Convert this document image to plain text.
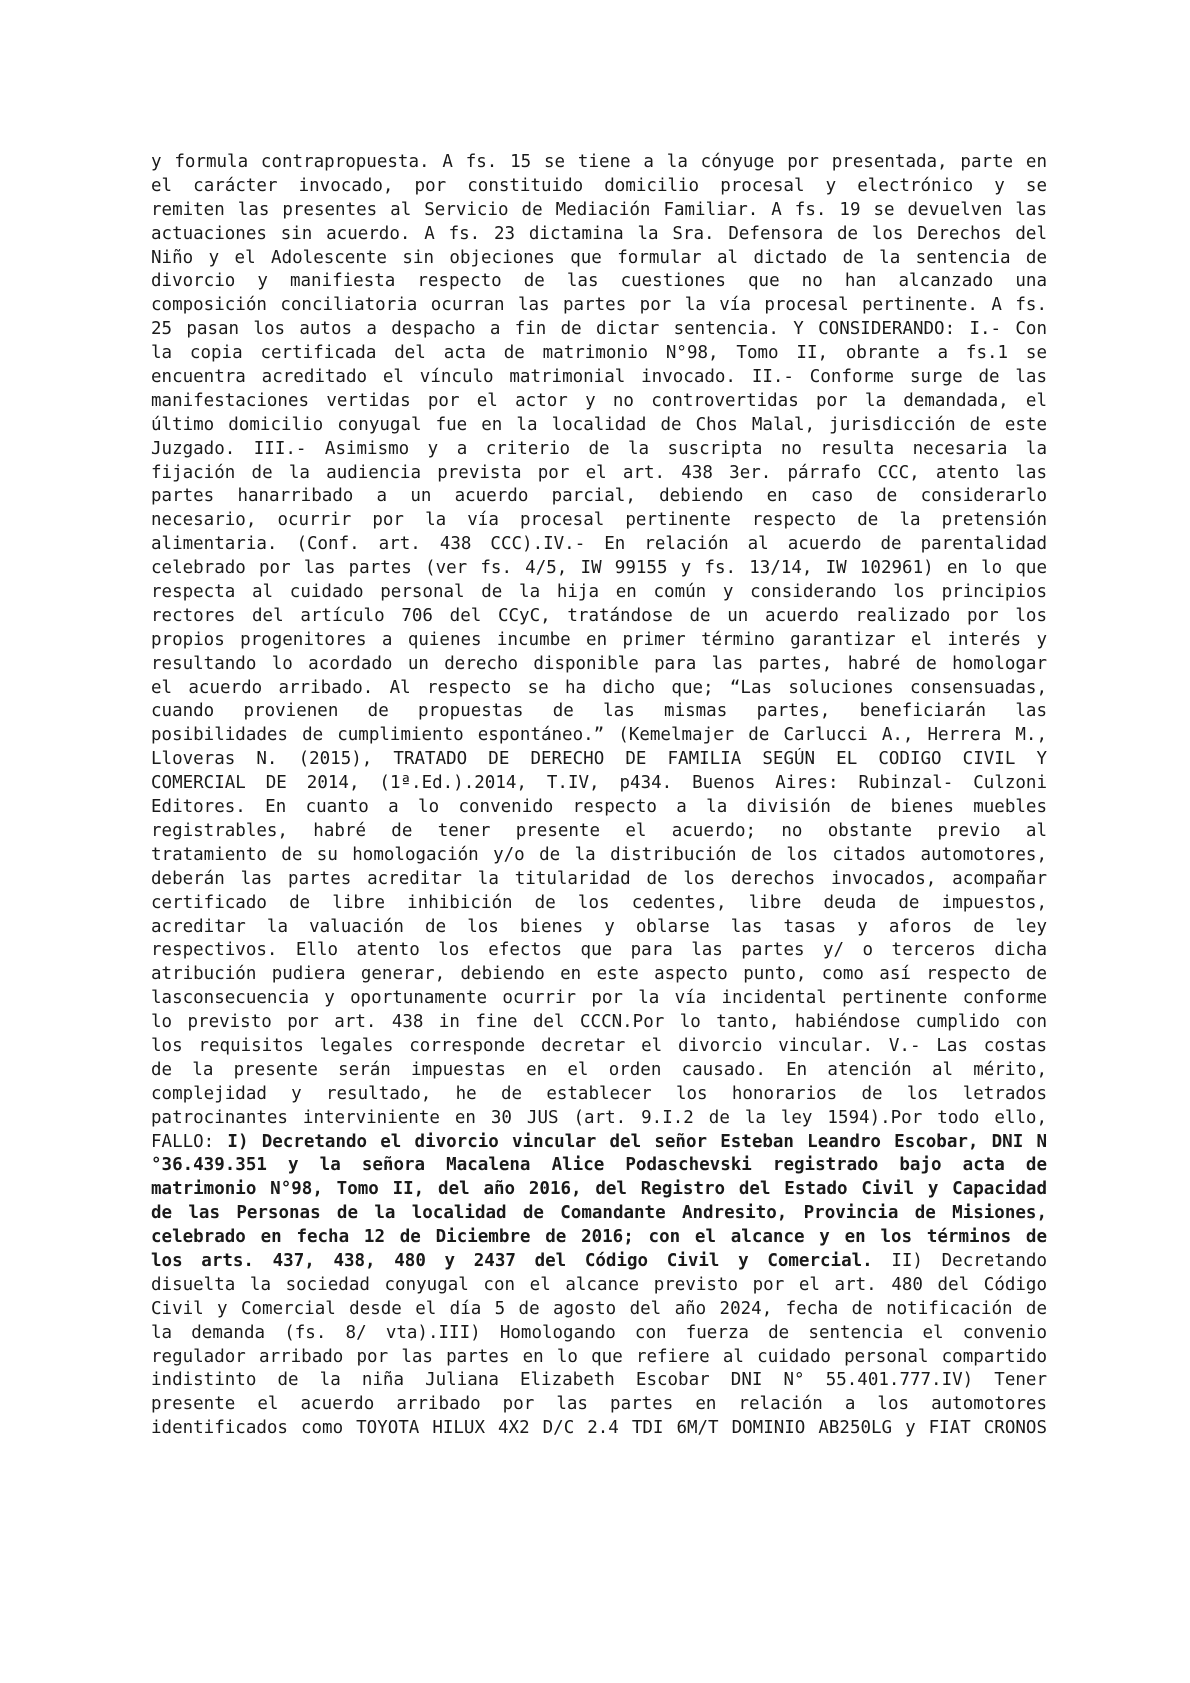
y formula contrapropuesta. A fs. 15 se tiene a la cónyuge por presentada, parte en
el carácter invocado, por constituido domicilio procesal y electrónico y se
remiten las presentes al Servicio de Mediación Familiar. A fs. 19 se devuelven las
actuaciones sin acuerdo. A fs. 23 dictamina la Sra. Defensora de los Derechos del
Niño y el Adolescente sin objeciones que formular al dictado de la sentencia de
divorcio y manifiesta respecto de las cuestiones que no han alcanzado una
composición conciliatoria ocurran las partes por la vía procesal pertinente. A fs.
25 pasan los autos a despacho a fin de dictar sentencia. Y CONSIDERANDO: I.- Con
la copia certificada del acta de matrimonio N°98, Tomo II, obrante a fs.1 se
encuentra acreditado el vínculo matrimonial invocado. II.- Conforme surge de las
manifestaciones vertidas por el actor y no controvertidas por la demandada, el
último domicilio conyugal fue en la localidad de Chos Malal, jurisdicción de este
Juzgado. III.- Asimismo y a criterio de la suscripta no resulta necesaria la
fijación de la audiencia prevista por el art. 438 3er. párrafo CCC, atento las
partes hanarribado a un acuerdo parcial, debiendo en caso de considerarlo
necesario, ocurrir por la vía procesal pertinente respecto de la pretensión
alimentaria. (Conf. art. 438 CCC).IV.- En relación al acuerdo de parentalidad
celebrado por las partes (ver fs. 4/5, IW 99155 y fs. 13/14, IW 102961) en lo que
respecta al cuidado personal de la hija en común y considerando los principios
rectores del artículo 706 del CCyC, tratándose de un acuerdo realizado por los
propios progenitores a quienes incumbe en primer término garantizar el interés y
resultando lo acordado un derecho disponible para las partes, habré de homologar
el acuerdo arribado. Al respecto se ha dicho que; “Las soluciones consensuadas,
cuando provienen de propuestas de las mismas partes, beneficiarán las
posibilidades de cumplimiento espontáneo.” (Kemelmajer de Carlucci A., Herrera M.,
Lloveras N. (2015), TRATADO DE DERECHO DE FAMILIA SEGÚN EL CODIGO CIVIL Y
COMERCIAL DE 2014, (1ª.Ed.).2014, T.IV, p434. Buenos Aires: Rubinzal- Culzoni
Editores. En cuanto a lo convenido respecto a la división de bienes muebles
registrables, habré de tener presente el acuerdo; no obstante previo al
tratamiento de su homologación y/o de la distribución de los citados automotores,
deberán las partes acreditar la titularidad de los derechos invocados, acompañar
certificado de libre inhibición de los cedentes, libre deuda de impuestos,
acreditar la valuación de los bienes y oblarse las tasas y aforos de ley
respectivos. Ello atento los efectos que para las partes y/ o terceros dicha
atribución pudiera generar, debiendo en este aspecto punto, como así respecto de
lasconsecuencia y oportunamente ocurrir por la vía incidental pertinente conforme
lo previsto por art. 438 in fine del CCCN.Por lo tanto, habiéndose cumplido con
los requisitos legales corresponde decretar el divorcio vincular. V.- Las costas
de la presente serán impuestas en el orden causado. En atención al mérito,
complejidad y resultado, he de establecer los honorarios de los letrados
patrocinantes interviniente en 30 JUS (art. 9.I.2 de la ley 1594).Por todo ello,
FALLO: I) Decretando el divorcio vincular del señor Esteban Leandro Escobar, DNI N
°36.439.351 y la señora Macalena Alice Podaschevski registrado bajo acta de
matrimonio N°98, Tomo II, del año 2016, del Registro del Estado Civil y Capacidad
de las Personas de la localidad de Comandante Andresito, Provincia de Misiones,
celebrado en fecha 12 de Diciembre de 2016; con el alcance y en los términos de
los arts. 437, 438, 480 y 2437 del Código Civil y Comercial. II) Decretando
disuelta la sociedad conyugal con el alcance previsto por el art. 480 del Código
Civil y Comercial desde el día 5 de agosto del año 2024, fecha de notificación de
la demanda (fs. 8/ vta).III) Homologando con fuerza de sentencia el convenio
regulador arribado por las partes en lo que refiere al cuidado personal compartido
indistinto de la niña Juliana Elizabeth Escobar DNI N° 55.401.777.IV) Tener
presente el acuerdo arribado por las partes en relación a los automotores
identificados como TOYOTA HILUX 4X2 D/C 2.4 TDI 6M/T DOMINIO AB250LG y FIAT CRONOS
